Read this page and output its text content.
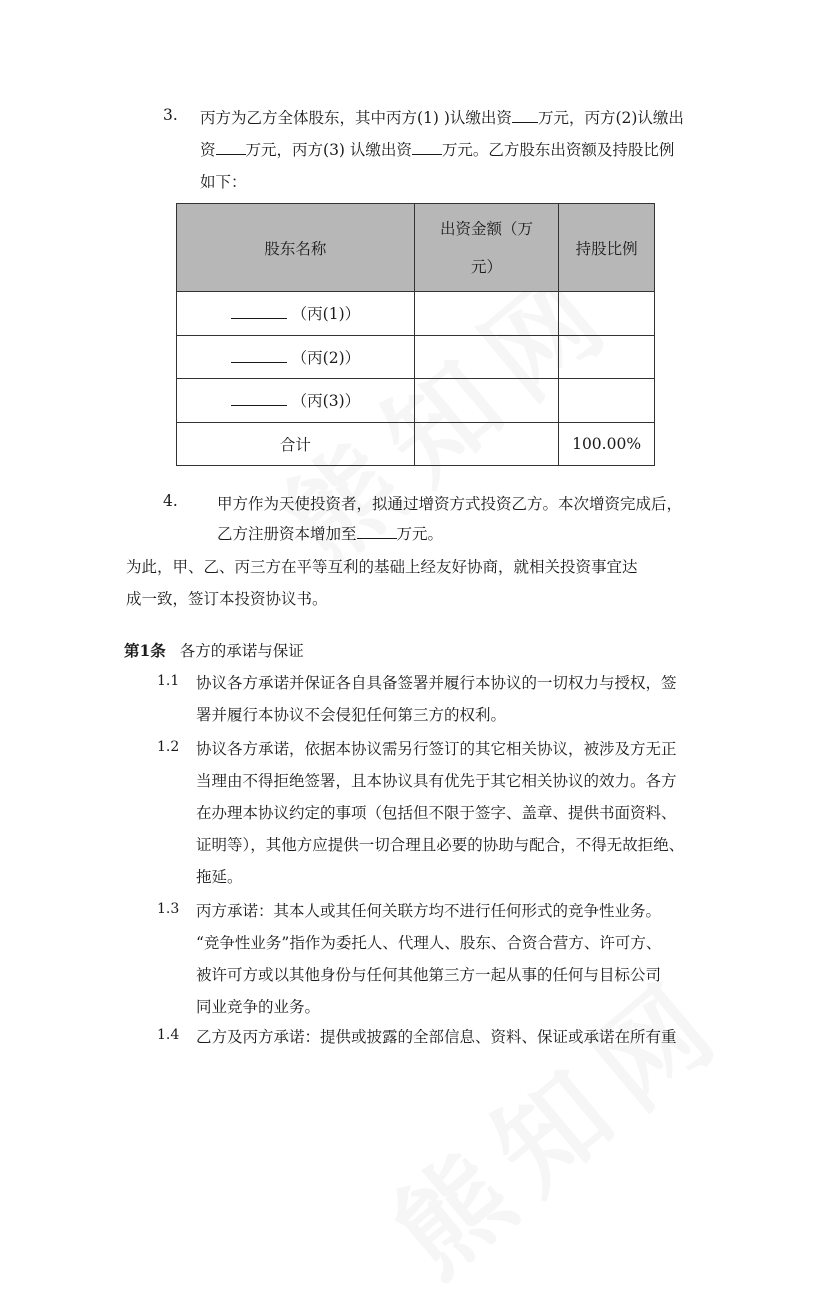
3. 丙方为乙方全体股东，其中丙方(1) )认缴出资 万元，丙方(2)认缴出
资 万元，丙方(3) 认缴出资 万元。乙方股东出资额及持股比例
如下：
股东名称	出资金额（万
元）	持股比例
（丙(1)）		
（丙(2)）		
（丙(3)）		
合计		100.00%
4.	甲方作为天使投资者，拟通过增资方式投资乙方。本次增资完成后，
乙方注册资本增加至	万元。
为此，甲、乙、丙三方在平等互利的基础上经友好协商，就相关投资事宜达
成一致，签订本投资协议书。
第1条 各方的承诺与保证
1.1 协议各方承诺并保证各自具备签署并履行本协议的一切权力与授权，签
署并履行本协议不会侵犯任何第三方的权利。
1.2 协议各方承诺，依据本协议需另行签订的其它相关协议，被涉及方无正
当理由不得拒绝签署，且本协议具有优先于其它相关协议的效力。各方
在办理本协议约定的事项（包括但不限于签字、盖章、提供书面资料、
证明等），其他方应提供一切合理且必要的协助与配合，不得无故拒绝、
拖延。
1.3 丙方承诺：其本人或其任何关联方均不进行任何形式的竞争性业务。
“竞争性业务”指作为委托人、代理人、股东、合资合营方、许可方、
被许可方或以其他身份与任何其他第三方一起从事的任何与目标公司
同业竞争的业务。
1.4 乙方及丙方承诺：提供或披露的全部信息、资料、保证或承诺在所有重
